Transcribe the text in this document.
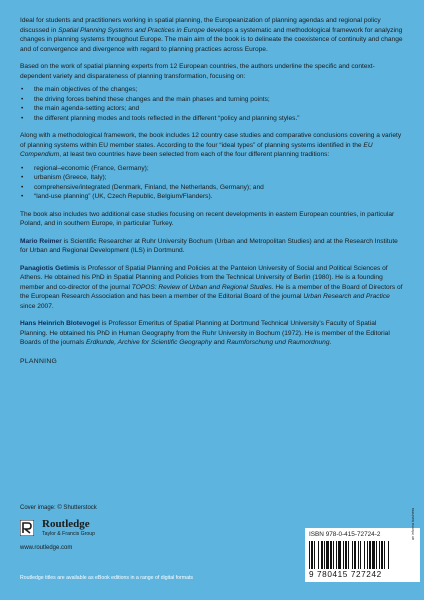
Ideal for students and practitioners working in spatial planning, the Europeanization of planning agendas and regional policy discussed in Spatial Planning Systems and Practices in Europe develops a systematic and methodological framework for analyzing changes in planning systems throughout Europe. The main aim of the book is to delineate the coexistence of continuity and change and of convergence and divergence with regard to planning practices across Europe.

Based on the work of spatial planning experts from 12 European countries, the authors underline the specific and context-dependent variety and disparateness of planning transformation, focusing on:

• the main objectives of the changes;
• the driving forces behind these changes and the main phases and turning points;
• the main agenda-setting actors; and
• the different planning modes and tools reflected in the different “policy and planning styles.”

Along with a methodological framework, the book includes 12 country case studies and comparative conclusions covering a variety of planning systems within EU member states. According to the four “ideal types” of planning systems identified in the EU Compendium, at least two countries have been selected from each of the four different planning traditions:

• regional–economic (France, Germany);
• urbanism (Greece, Italy);
• comprehensive/integrated (Denmark, Finland, the Netherlands, Germany); and
• “land-use planning” (UK, Czech Republic, Belgium/Flanders).

The book also includes two additional case studies focusing on recent developments in eastern European countries, in particular Poland, and in southern Europe, in particular Turkey.

Mario Reimer is Scientific Researcher at Ruhr University Bochum (Urban and Metropolitan Studies) and at the Research Institute for Urban and Regional Development (ILS) in Dortmund.

Panagiotis Getimis is Professor of Spatial Planning and Policies at the Panteion University of Social and Political Sciences of Athens. He obtained his PhD in Spatial Planning and Policies from the Technical University of Berlin (1980). He is a founding member and co-director of the journal TOPOS: Review of Urban and Regional Studies. He is a member of the Board of Directors of the European Research Association and has been a member of the Editorial Board of the journal Urban Research and Practice since 2007.

Hans Heinrich Blotevogel is Professor Emeritus of Spatial Planning at Dortmund Technical University’s Faculty of Spatial Planning. He obtained his PhD in Human Geography from the Ruhr University in Bochum (1972). He is member of the Editorial Boards of the journals Erdkunde, Archive for Scientific Geography and Raumforschung und Raumordnung.

PLANNING

Cover image: © Shutterstock
Routledge
Taylor & Francis Group
www.routledge.com
Routledge titles are available as eBook editions in a range of digital formats
ISBN 978-0-415-72724-2
9 780415 727242
an informa business
